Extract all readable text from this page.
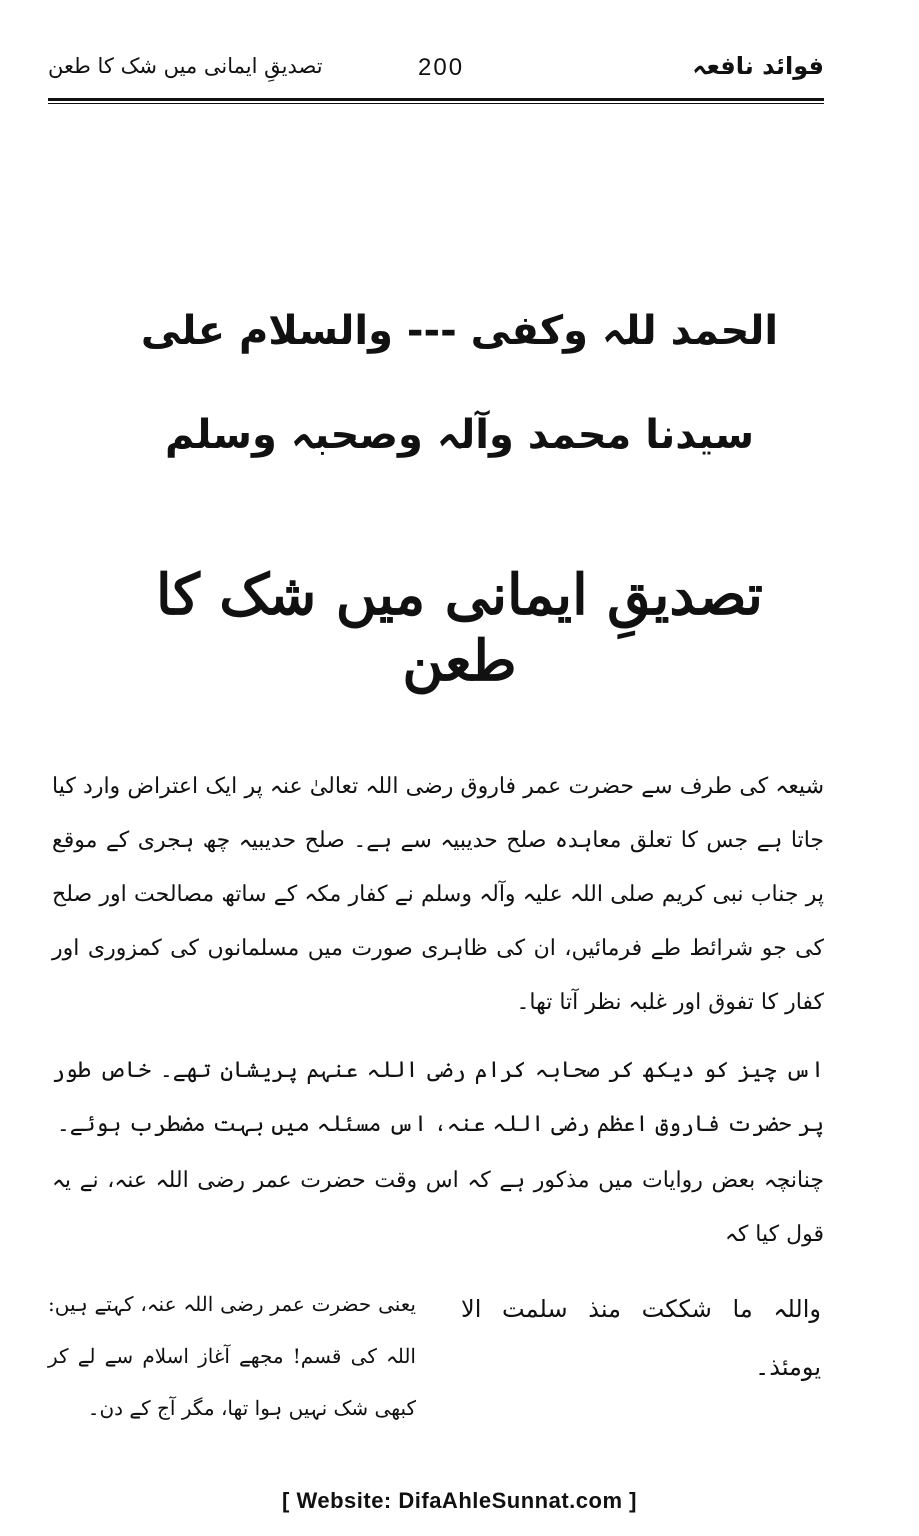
فوائد نافعہ
200
تصدیقِ ایمانی میں شک کا طعن
الحمد للہ وکفی --- والسلام علی
سیدنا محمد وآلہ وصحبہ وسلم
تصدیقِ ایمانی میں شک کا طعن
شیعہ کی طرف سے حضرت عمر فاروق رضی اللہ تعالیٰ عنہ پر ایک اعتراض وارد کیا جاتا ہے جس کا تعلق معاہدہ صلح حدیبیہ سے ہے۔ صلح حدیبیہ چھ ہجری کے موقع پر جناب نبی کریم صلی اللہ علیہ وآلہ وسلم نے کفار مکہ کے ساتھ مصالحت اور صلح کی جو شرائط طے فرمائیں، ان کی ظاہری صورت میں مسلمانوں کی کمزوری اور کفار کا تفوق اور غلبہ نظر آتا تھا۔
اس چیز کو دیکھ کر صحابہ کرام رضی اللہ عنہم پریشان تھے۔ خاص طور پر حضرت فاروق اعظم رضی اللہ عنہ، اس مسئلہ میں بہت مضطرب ہوئے۔
چنانچہ بعض روایات میں مذکور ہے کہ اس وقت حضرت عمر رضی اللہ عنہ، نے یہ قول کیا کہ
واللہ ما شککت منذ سلمت الا یومئذ۔
یعنی حضرت عمر رضی اللہ عنہ، کہتے ہیں: اللہ کی قسم! مجھے آغاز اسلام سے لے کر کبھی شک نہیں ہوا تھا، مگر آج کے دن۔
[ Website: DifaAhleSunnat.com ]
